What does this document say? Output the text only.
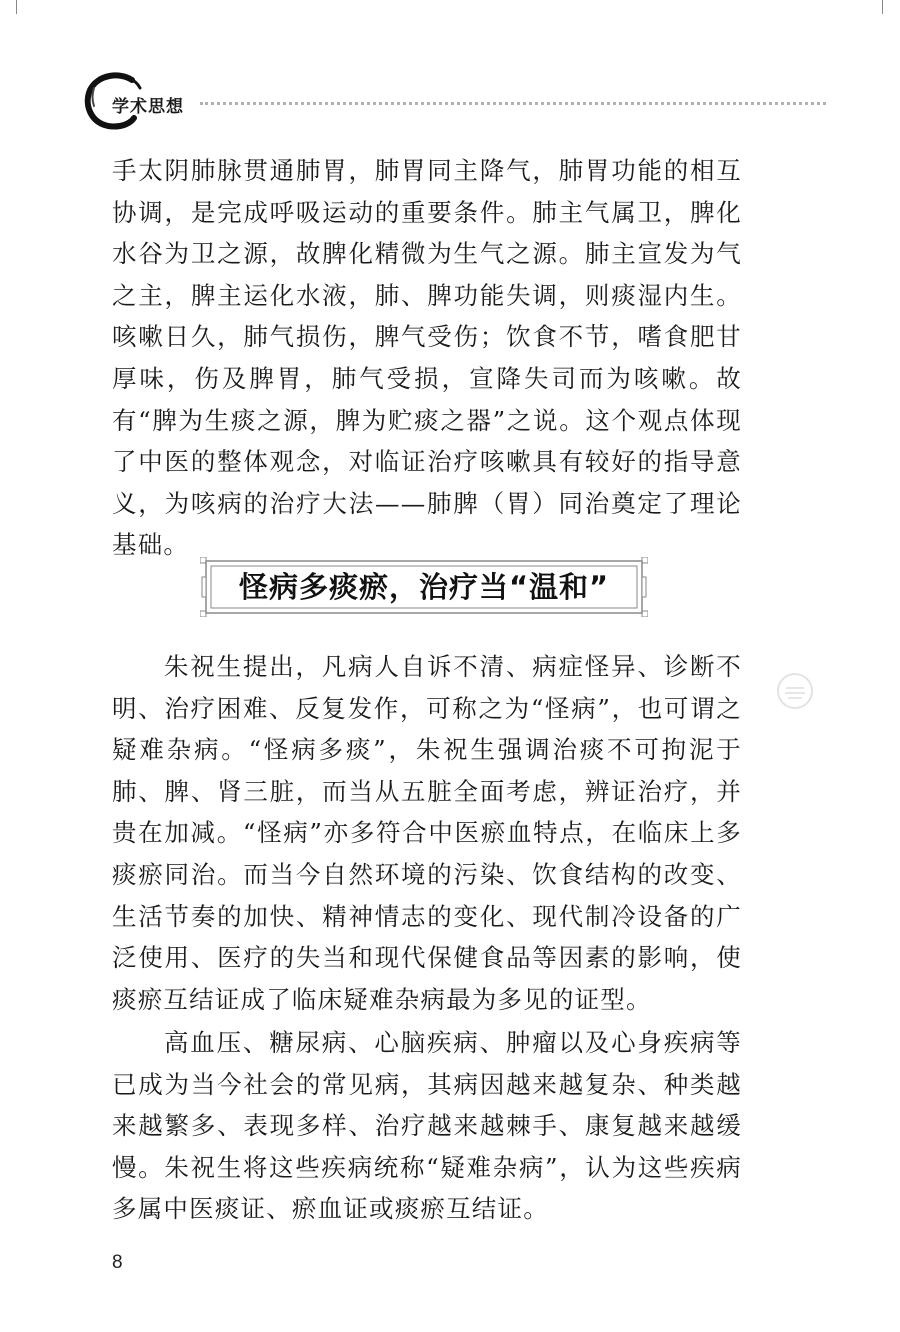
学术思想

手太阴肺脉贯通肺胃，肺胃同主降气，肺胃功能的相互协调，是完成呼吸运动的重要条件。肺主气属卫，脾化水谷为卫之源，故脾化精微为生气之源。肺主宣发为气之主，脾主运化水液，肺、脾功能失调，则痰湿内生。咳嗽日久，肺气损伤，脾气受伤；饮食不节，嗜食肥甘厚味，伤及脾胃，肺气受损，宣降失司而为咳嗽。故有“脾为生痰之源，脾为贮痰之器”之说。这个观点体现了中医的整体观念，对临证治疗咳嗽具有较好的指导意义，为咳病的治疗大法——肺脾（胃）同治奠定了理论基础。

怪病多痰瘀，治疗当“温和”

朱祝生提出，凡病人自诉不清、病症怪异、诊断不明、治疗困难、反复发作，可称之为“怪病”，也可谓之疑难杂病。“怪病多痰”，朱祝生强调治痰不可拘泥于肺、脾、肾三脏，而当从五脏全面考虑，辨证治疗，并贵在加减。“怪病”亦多符合中医瘀血特点，在临床上多痰瘀同治。而当今自然环境的污染、饮食结构的改变、生活节奏的加快、精神情志的变化、现代制冷设备的广泛使用、医疗的失当和现代保健食品等因素的影响，使痰瘀互结证成了临床疑难杂病最为多见的证型。

高血压、糖尿病、心脑疾病、肿瘤以及心身疾病等已成为当今社会的常见病，其病因越来越复杂、种类越来越繁多、表现多样、治疗越来越棘手、康复越来越缓慢。朱祝生将这些疾病统称“疑难杂病”，认为这些疾病多属中医痰证、瘀血证或痰瘀互结证。

8
